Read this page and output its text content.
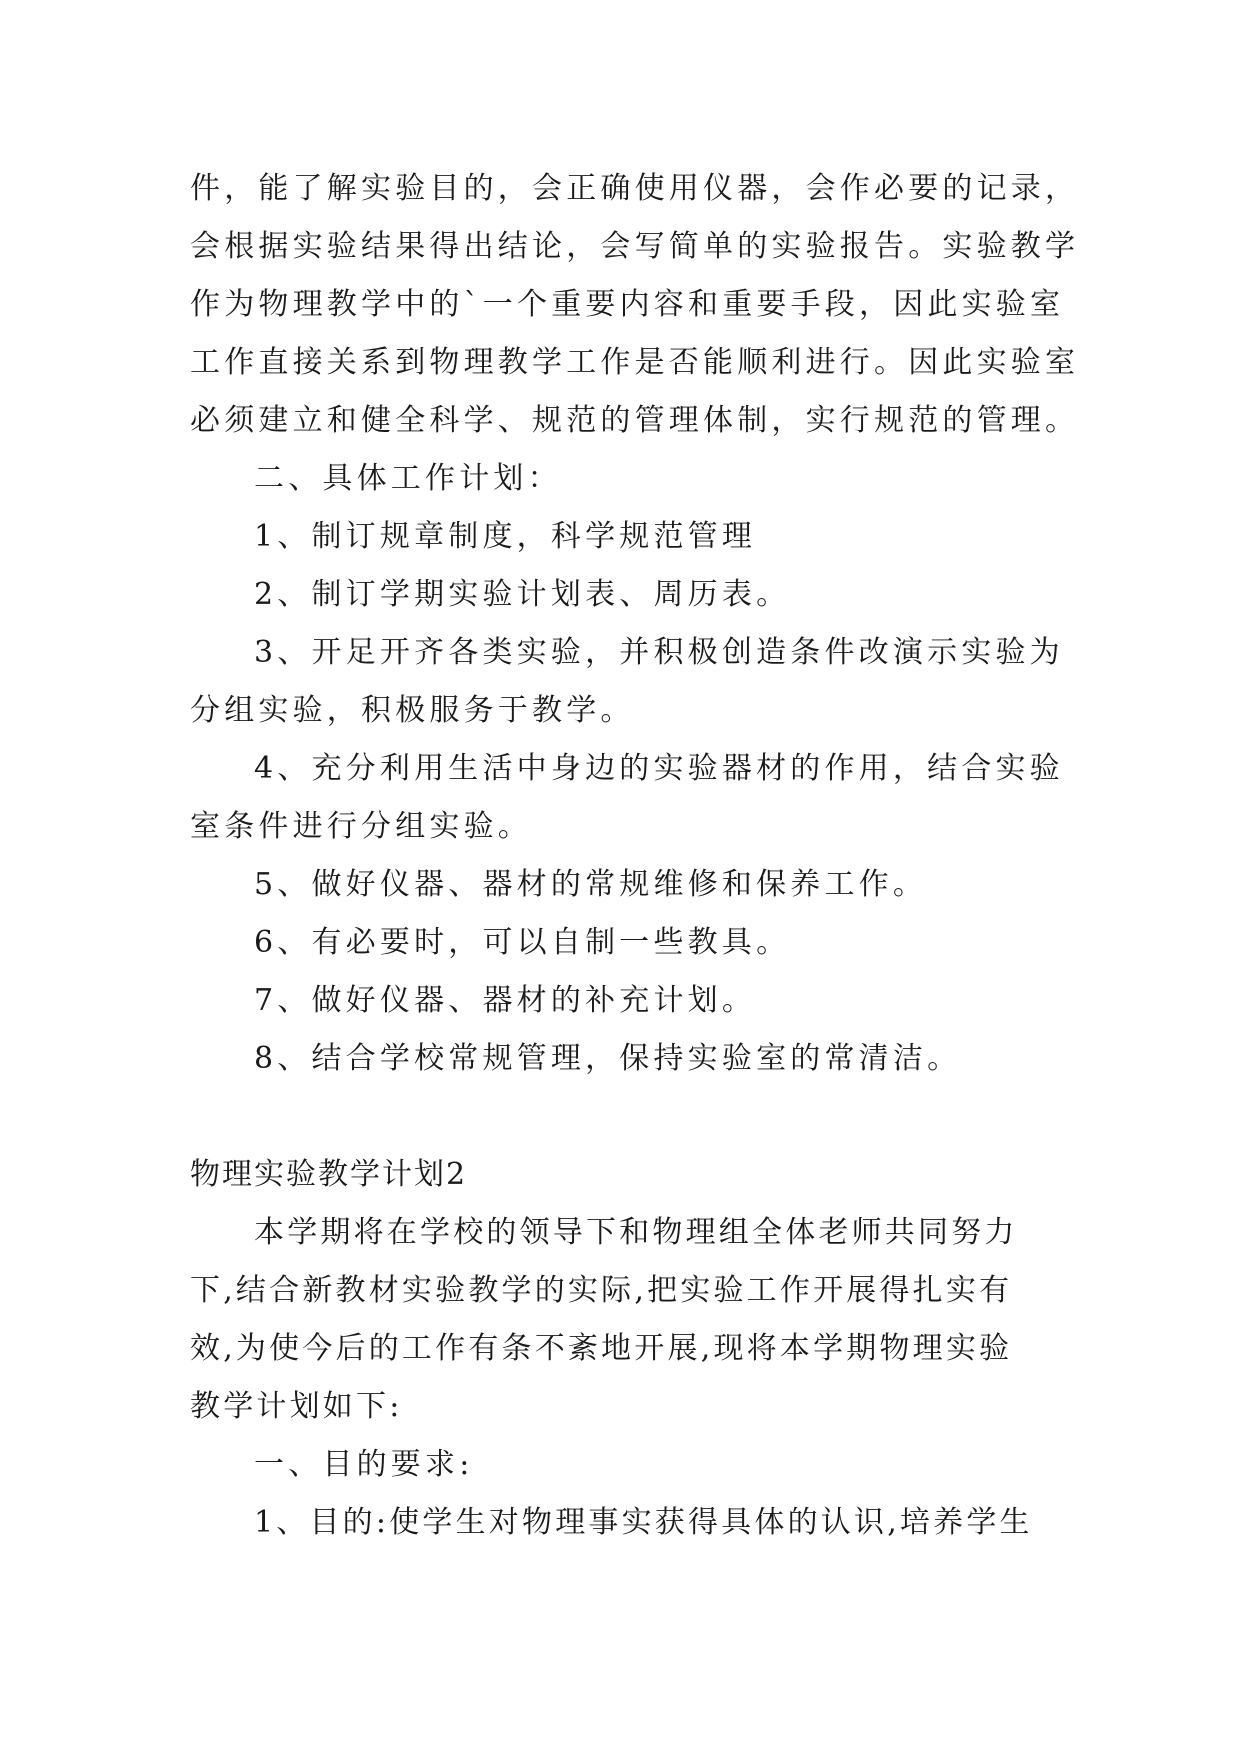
件，能了解实验目的，会正确使用仪器，会作必要的记录，
会根据实验结果得出结论，会写简单的实验报告。实验教学
作为物理教学中的`一个重要内容和重要手段，因此实验室
工作直接关系到物理教学工作是否能顺利进行。因此实验室
必须建立和健全科学、规范的管理体制，实行规范的管理。
二、具体工作计划：
1、制订规章制度，科学规范管理
2、制订学期实验计划表、周历表。
3、开足开齐各类实验，并积极创造条件改演示实验为
分组实验，积极服务于教学。
4、充分利用生活中身边的实验器材的作用，结合实验
室条件进行分组实验。
5、做好仪器、器材的常规维修和保养工作。
6、有必要时，可以自制一些教具。
7、做好仪器、器材的补充计划。
8、结合学校常规管理，保持实验室的常清洁。
物理实验教学计划2
本学期将在学校的领导下和物理组全体老师共同努力
下,结合新教材实验教学的实际,把实验工作开展得扎实有
效,为使今后的工作有条不紊地开展,现将本学期物理实验
教学计划如下:
一、目的要求:
1、目的:使学生对物理事实获得具体的认识,培养学生
